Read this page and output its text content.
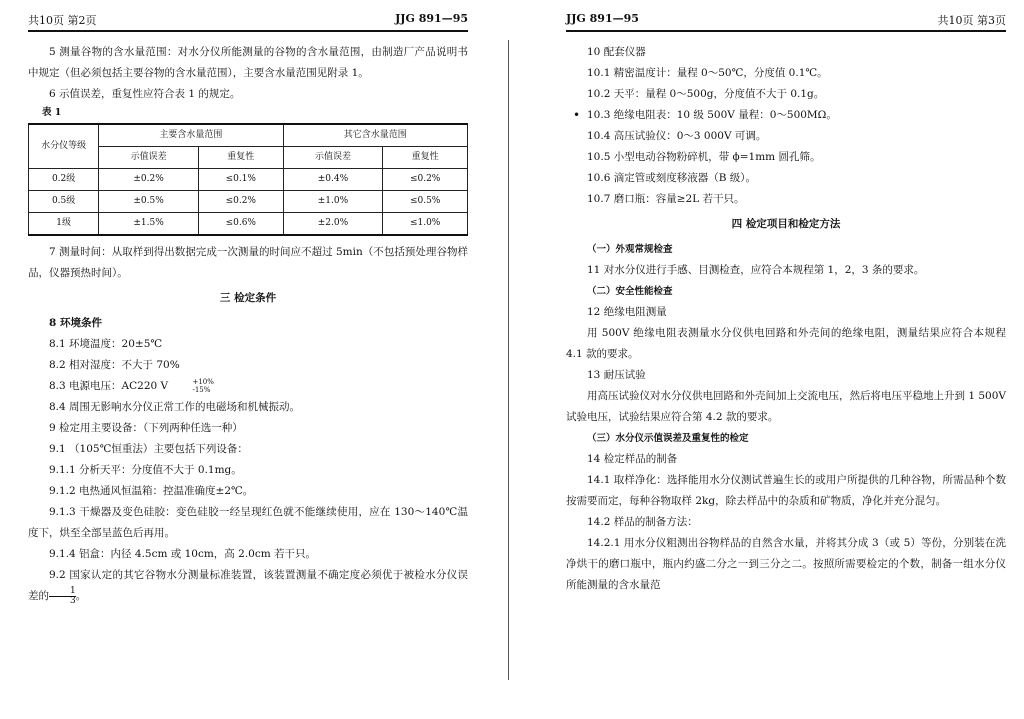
共10页 第2页	JJG 891—95

5 测量谷物的含水量范围：对水分仪所能测量的谷物的含水量范围，由制造厂产品说明书中规定（但必须包括主要谷物的含水量范围），主要含水量范围见附录 1。

6 示值误差，重复性应符合表 1 的规定。

表 1

水分仪等级	主要含水量范围		其它含水量范围	
	示值误差	重复性	示值误差	重复性
0.2级	±0.2%	≤0.1%	±0.4%	≤0.2%
0.5级	±0.5%	≤0.2%	±1.0%	≤0.5%
1级	±1.5%	≤0.6%	±2.0%	≤1.0%

7 测量时间：从取样到得出数据完成一次测量的时间应不超过 5min（不包括预处理谷物样品，仪器预热时间）。

三 检定条件

8 环境条件

8.1 环境温度：20±5℃

8.2 相对湿度：不大于 70%

8.3 电源电压：AC220 V	+10%
-15%

8.4 周围无影响水分仪正常工作的电磁场和机械振动。

9 检定用主要设备：（下列两种任选一种）

9.1 （105℃恒重法）主要包括下列设备：

9.1.1 分析天平：分度值不大于 0.1mg。

9.1.2 电热通风恒温箱：控温准确度±2℃。

9.1.3 干燥器及变色硅胶：变色硅胶一经呈现红色就不能继续使用，应在 130～140℃温度下，烘至全部呈蓝色后再用。

9.1.4 铝盒：内径 4.5cm 或 10cm，高 2.0cm 若干只。

9.2 国家认定的其它谷物水分测量标准装置，该装置测量不确定度必须优于被检水分仪误差的 $\frac{1}{3}$ 。

JJG 891—95	共10页 第3页

10 配套仪器

10.1 精密温度计：量程 0～50℃，分度值 0.1℃。

10.2 天平：量程 0～500g，分度值不大于 0.1g。

• 10.3 绝缘电阻表：10 级 500V 量程：0～500MΩ。

10.4 高压试验仪：0～3 000V 可调。

10.5 小型电动谷物粉碎机，带 ϕ=1mm 圆孔筛。

10.6 滴定管或刻度移液器（B 级）。

10.7 磨口瓶：容量≥2L 若干只。

四 检定项目和检定方法

（一）外观常规检查

11 对水分仪进行手感、目测检查，应符合本规程第 1，2，3 条的要求。

（二）安全性能检查

12 绝缘电阻测量

用 500V 绝缘电阻表测量水分仪供电回路和外壳间的绝缘电阻，测量结果应符合本规程 4.1 款的要求。

13 耐压试验

用高压试验仪对水分仪供电回路和外壳间加上交流电压，然后将电压平稳地上升到 1 500V 试验电压，试验结果应符合第 4.2 款的要求。

（三）水分仪示值误差及重复性的检定

14 检定样品的制备

14.1 取样净化：选择能用水分仪测试普遍生长的或用户所提供的几种谷物，所需品种个数按需要而定，每种谷物取样 2kg，除去样品中的杂质和矿物质，净化并充分混匀。

14.2 样品的制备方法：

14.2.1 用水分仪粗测出谷物样品的自然含水量，并将其分成 3（或 5）等份，分别装在洗净烘干的磨口瓶中，瓶内约盛二分之一到三分之二。按照所需要检定的个数，制备一组水分仪所能测量的含水量范
